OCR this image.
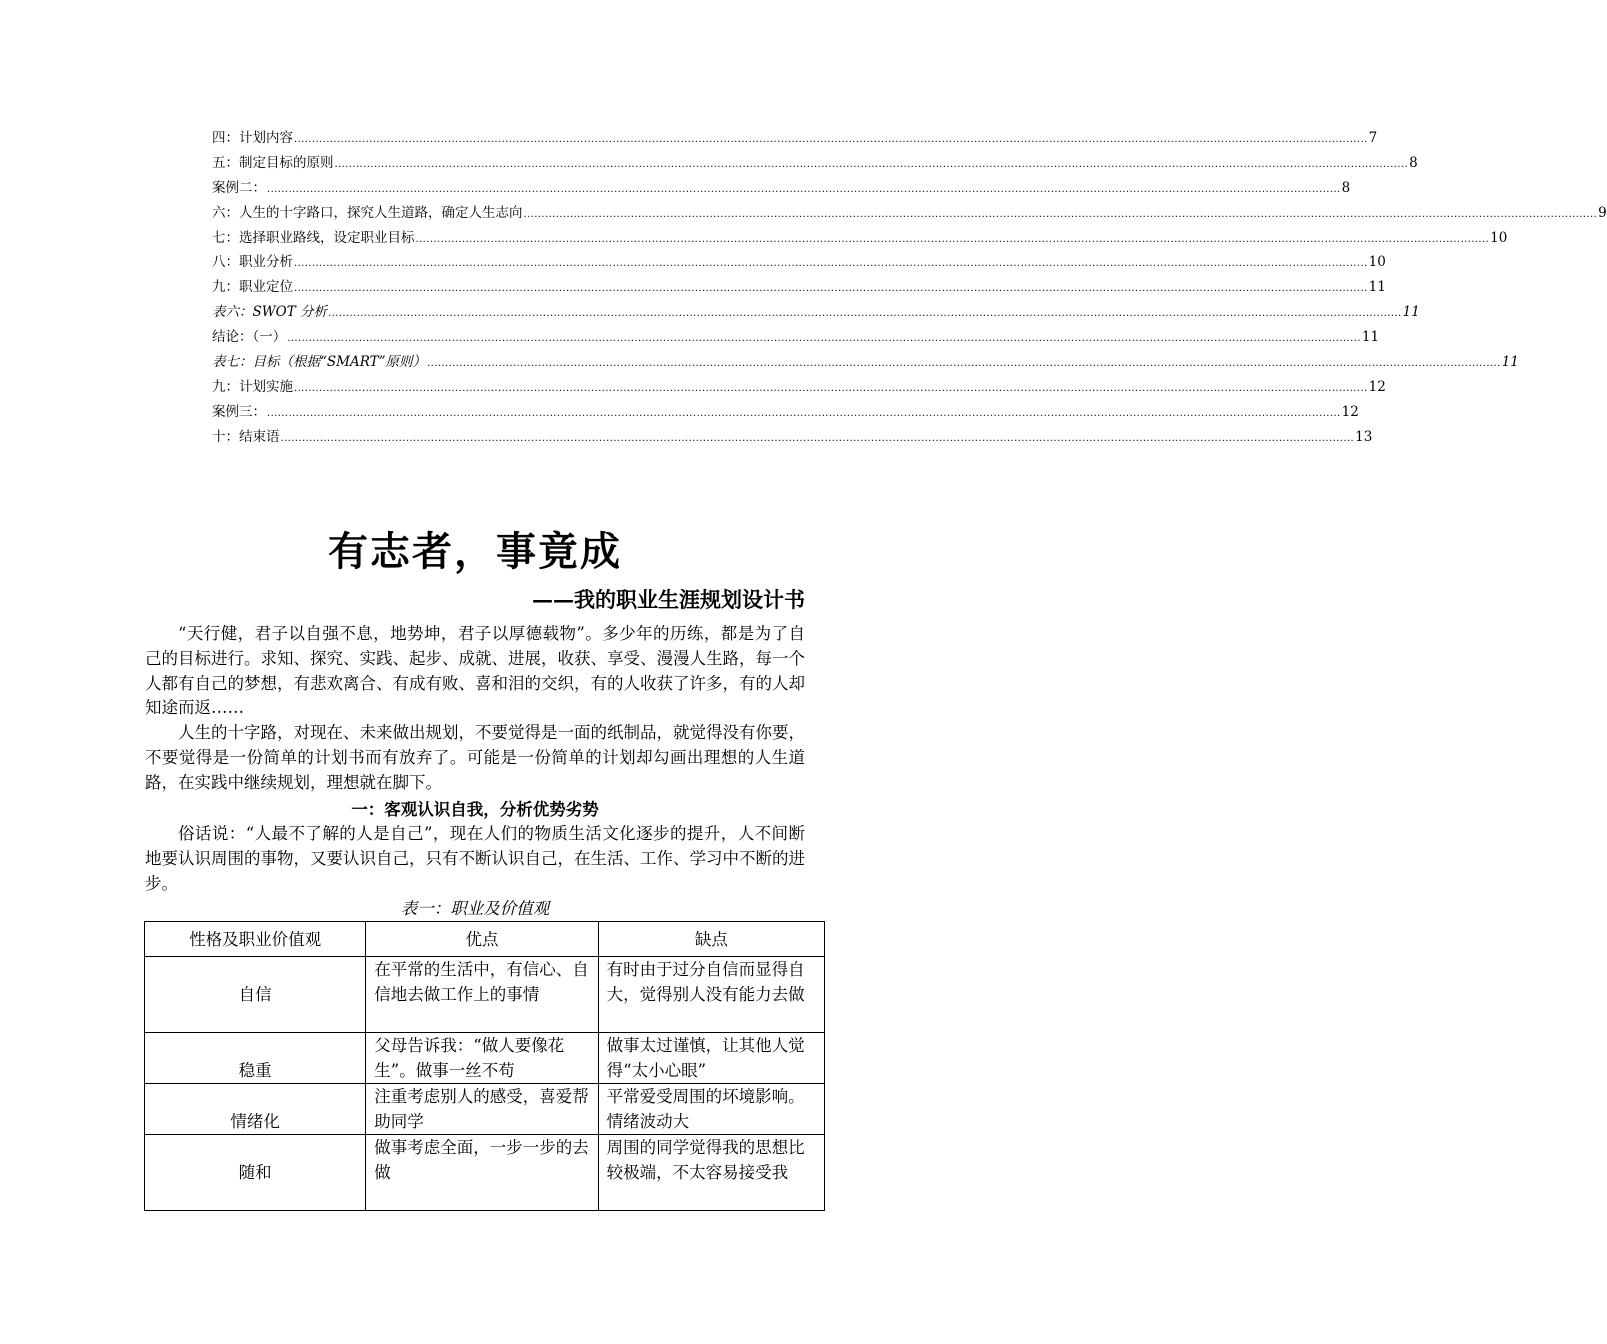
四：计划内容 ............................................................................................................................................................................................................................................................................................................ 7
五：制定目标的原则 ............................................................................................................................................................................................................................................................................................................ 8
案例二： ............................................................................................................................................................................................................................................................................................................ 8
六：人生的十字路口，探究人生道路，确定人生志向 ............................................................................................................................................................................................................................................................................................................ 9
七：选择职业路线，设定职业目标 ............................................................................................................................................................................................................................................................................................................ 10
八：职业分析 ............................................................................................................................................................................................................................................................................................................ 10
九：职业定位 ............................................................................................................................................................................................................................................................................................................ 11
表六：SWOT 分析 ............................................................................................................................................................................................................................................................................................................ 11
结论：（一） ............................................................................................................................................................................................................................................................................................................ 11
表七：目标（根据“SMART”原则） ............................................................................................................................................................................................................................................................................................................ 11
九：计划实施 ............................................................................................................................................................................................................................................................................................................ 12
案例三： ............................................................................................................................................................................................................................................................................................................ 12
十：结束语 ............................................................................................................................................................................................................................................................................................................ 13
有志者，事竟成
——我的职业生涯规划设计书

“天行健，君子以自强不息，地势坤，君子以厚德载物”。多少年的历练，都是为了自己的目标进行。求知、探究、实践、起步、成就、进展，收获、享受、漫漫人生路，每一个人都有自己的梦想，有悲欢离合、有成有败、喜和泪的交织，有的人收获了许多，有的人却知途而返……

人生的十字路，对现在、未来做出规划，不要觉得是一面的纸制品，就觉得没有你要，不要觉得是一份简单的计划书而有放弃了。可能是一份简单的计划却勾画出理想的人生道路，在实践中继续规划，理想就在脚下。

一：客观认识自我，分析优势劣势

俗话说：“人最不了解的人是自己”，现在人们的物质生活文化逐步的提升，人不间断地要认识周围的事物，又要认识自己，只有不断认识自己，在生活、工作、学习中不断的进步。

表一：职业及价值观
性格及职业价值观	优点	缺点
自信	在平常的生活中，有信心、自信地去做工作上的事情	有时由于过分自信而显得自大，觉得别人没有能力去做
稳重	父母告诉我：“做人要像花生”。做事一丝不苟	做事太过谨慎，让其他人觉得“太小心眼”
情绪化	注重考虑别人的感受，喜爱帮助同学	平常爱受周围的坏境影响。情绪波动大
随和	做事考虑全面，一步一步的去做	周围的同学觉得我的思想比较极端，不太容易接受我
